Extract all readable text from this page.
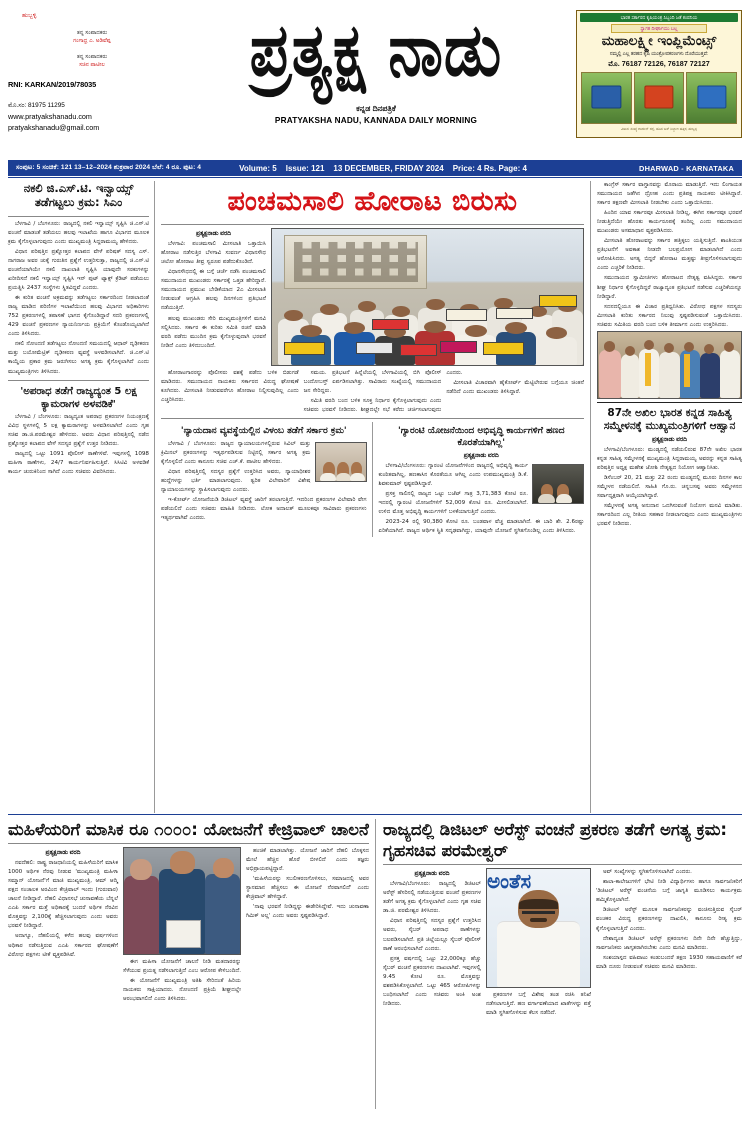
ಹುಬ್ಬಳ್ಳಿ
ತನ್ನ ಸಂಪಾದಕರು
ಗಂಗಾಧ್ರ ಎ. ಅಡಿವೆಪ್ಪ
ತನ್ನ ಸಂಪಾದಕರು
ಸಚಿನ ಪಾಟೀಲ
RNI: KARKAN/2019/78035
ಮೊ.ಸಂ: 81975 11295
www.pratyakshanadu.com
pratyakshanadu@gmail.com
ಪ್ರತ್ಯಕ್ಷ ನಾಡು
ಕನ್ನಡ ದಿನಪತ್ರಿಕೆ
PRATYAKSHA NADU, KANNADA DAILY MORNING
ಭಾರತ ಸರ್ಕಾರದ ಕೃಷಿಯಂತ್ರ ಸಿಬ್ಬಂದಿ ಜತೆ ಕಂಪನಿಯ
ಸ್ವಾಗತ ದೀರ್ಘಾಯು ಬಲ್ಲ
ಮಹಾಲಕ್ಷ್ಮೀ ಇಂಪ್ಲಿಮೆಂಟ್ಸ್
ನಮ್ಮಲ್ಲಿ ಎಲ್ಲ ತರಹದ ಕೃಷಿ ಯಂತ್ರೋಪಕರಣಗಳು ದೊರೆಯುತ್ತವೆ:
ಮೊ. 76187 72126, 76187 72127
ವಿಳಾಸ: ಸಂಖ್ಯೆ ಗಾರ್ಡನ್ ರಸ್ತೆ, ಹೊಸ ಬಸ್ ನಿಲ್ದಾಣ ಹತ್ತಿರ, ಹುಬ್ಬಳ್ಳಿ
ಸಂಪುಟ: 5 ಸಂಚಿಕೆ: 121 13–12–2024 ಶುಕ್ರವಾರ 2024 ಬೆಲೆ: 4 ರೂ. ಪುಟ: 4	Volume: 5 Issue: 121 13 DECEMBER, FRIDAY 2024 Price: 4 Rs. Page: 4	DHARWAD - KARNATAKA
ನಕಲಿ ಜಿ.ಎಸ್.ಟಿ. ಇನ್ವಾಯ್ಸ್ ತಡೆಗಟ್ಟಲು ಕ್ರಮ: ಸಿಎಂ

ಬೆಳಗಾವಿ / ಬೆಂಗಳೂರು: ರಾಜ್ಯದಲ್ಲಿ ನಕಲಿ ಇನ್ವಾಯ್ಸ್ ಸೃಷ್ಟಿಸಿ ಜಿ.ಎಸ್.ಟಿ ವಂಚನೆ ಮಾಡಂತೆ ತಡೆಯಲು ಹಲವು ಇಲಾಖೆಯ ಹಾಗೂ ವಿಭಾಗದ ಮೂಲಕ ಕ್ರಮ ಕೈಗೊಳ್ಳಲಾಗುವುದು ಎಂದು ಮುಖ್ಯಮಂತ್ರಿ ಸಿದ್ದರಾಮಯ್ಯ ಹೇಳಿದರು.

ವಿಧಾನ ಪರಿಷತ್ತಿನ ಪ್ರಶ್ನೋತ್ತರ ಕಲಾಪದ ವೇಳೆ ಪರಿಷತ್ ಸದಸ್ಯ ಎಸ್. ನಾಗರಾಜ ಅವರ ಚುಕ್ಕೆ ಗುರುತಿನ ಪ್ರಶ್ನೆಗೆ ಉತ್ತರಿಸುತ್ತಾ, ರಾಜ್ಯದಲ್ಲಿ ಜಿ.ಎಸ್.ಟಿ ವಂಚನೆಯಾಗಿಯೇ ನಕಲಿ ದಾಖಲಾತಿ ಸೃಷ್ಟಿಸಿ ಯಾವುದೇ ಸರಕುಗಳನ್ನು ಖರೀದಿಸದೆ ನಕಲಿ ಇನ್ವಾಯ್ಸ್ ಸೃಷ್ಟಿಸಿ ಇನ್ ಪುಟ್ ಟ್ಯಾಕ್ಸ್ ಕ್ರೆಡಿಟ್ ಪಡೆಯಲು ಪ್ರಯತ್ನಿಸಿ 2437 ಸಂಸ್ಥೆಗಳು ಸ್ಥಿತವಿದ್ದವೆ ಎಂದರು.

ಈ ಕುರಿತ ವಂಚನೆ ಅಕ್ರಮವನ್ನು ತಡೆಗಟ್ಟಲು ಸರ್ಕಾರದಿಂದ ನೀಡಲಾದಂತೆ ರಾಜ್ಯ ಮಾಡಿದ ಪರಿಣಿಗಳ ಇಲಾಖೆಯಿಂದ ಹಲವು ವಿಭಾಗದ ಅಧಿಕಾರಿಗಳು 752 ಪ್ರಕರಣಗಳಲ್ಲಿ ತಪಾಸಣೆ ಭಾಗದ ಕೈಗೊಂಡಿದ್ದಾರೆ ಸದರಿ ಪ್ರಕರಣಗಳಲ್ಲಿ 429 ವಂಚನೆ ಪ್ರಕರಣಗಳ ನ್ಯಾಯನಿರ್ಣಯ ಪ್ರಕ್ರಿಯೆಗೆ ಕೊಂಡೊಯ್ಯಲಾಗಿದೆ ಎಂದು ತಿಳಿಸಿದರು.

ನಕಲಿ ನೋಂದಣಿ ತಡೆಗಟ್ಟಲು ನೋಂದಣಿ ಸಮಯದಲ್ಲಿ ಆಧಾರ್ ದೃಢೀಕರಣ ಮತ್ತು ಬಯೋಮೆಟ್ರಿಕ್ ದೃಢೀಕರಣ ವ್ಯವಸ್ಥೆ ಅಳವಡಿಸಲಾಗಿದೆ. ಜಿ.ಎಸ್.ಟಿ ಕಾಯ್ದೆಯ ಪ್ರಕಾರ ಕ್ರಮ ಜರುಗಿಸಲು ಅಗತ್ಯ ಕ್ರಮ ಕೈಗೊಳ್ಳಲಾಗಿದೆ ಎಂದು ಮುಖ್ಯಮಂತ್ರಿಗಳು ತಿಳಿಸಿದರು.

'ಅಪರಾಧ ತಡೆಗೆ ರಾಜ್ಯದ್ಯಂತ 5 ಲಕ್ಷ ಕ್ಯಾಮರಾಗಳ ಅಳವಡಿಕೆ'

ಬೆಳಗಾವಿ / ಬೆಂಗಳೂರು: ರಾಜ್ಯದ್ಯಂತ ಅಪರಾಧ ಪ್ರಕರಣಗಳ ನಿಯಂತ್ರಣಕ್ಕೆ ವಿವಿಧ ಸ್ಥಳಗಳಲ್ಲಿ 5 ಲಕ್ಷ ಕ್ಯಾಮರಾಗಳನ್ನು ಅಳವಡಿಸಲಾಗಿದೆ ಎಂದು ಗೃಹ ಸಚಿವ ಡಾ.ಜಿ.ಪರಮೇಶ್ವರ ಹೇಳಿದರು. ಅವರು ವಿಧಾನ ಪರಿಷತ್ತಿನಲ್ಲಿ ನಡೆದ ಪ್ರಶ್ನೋತ್ತರ ಕಲಾಪದ ವೇಳೆ ಸದಸ್ಯರ ಪ್ರಶ್ನೆಗೆ ಉತ್ತರ ನೀಡಿದರು.

ರಾಜ್ಯದಲ್ಲಿ ಒಟ್ಟು 1091 ಪೊಲೀಸ್ ಠಾಣೆಗಳಿವೆ. ಇವುಗಳಲ್ಲಿ 1098 ಮಹಿಳಾ ಠಾಣೆಗಳು, 24/7 ಕಾರ್ಯನಿರ್ವಹಿಸುತ್ತಿವೆ. ಸಿಸಿಟಿವಿ ಅಳವಡಿಕೆ ಕಾರ್ಯ ಚುರುಕಿನಿಂದ ಸಾಗಿದೆ ಎಂದು ಸಚಿವರು ವಿವರಿಸಿದರು.

ಪಂಚಮಸಾಲಿ ಹೋರಾಟ ಬಿರುಸು
ಪ್ರತ್ಯಕ್ಷನಾಡು ವರದಿ

ಬೆಳಗಾವಿ: ಪಂಚಮಸಾಲಿ ಮೀಸಲಾತಿ ಒತ್ತಾಯಿಸಿ ಹೋರಾಟ ನಡೆಸುತ್ತಿರ ಬೆಳಗಾವಿ ಸುವರ್ಣ ವಿಧಾನಸೌಧ ಚಲೋ ಹೋರಾಟ ತೀವ್ರ ಸ್ವರೂಪ ಪಡೆದುಕೊಂಡಿದೆ.

ವಿಧಾನಸೌಧದಲ್ಲಿ ಈ ಬಗ್ಗೆ ಚರ್ಚೆ ನಡೆಸಿ ಪಂಚಮಸಾಲಿ ಸಮುದಾಯದ ಮುಖಂಡರು ಸರ್ಕಾರಕ್ಕೆ ಒತ್ತಡ ಹೇರಿದ್ದಾರೆ. ಸಮುದಾಯದ ಪ್ರಮುಖ ಬೇಡಿಕೆಯಾದ 2ಎ ಮೀಸಲಾತಿ ನೀಡುವಂತೆ ಆಗ್ರಹಿಸಿ ಹಲವು ದಿನಗಳಿಂದ ಪ್ರತಿಭಟನೆ ನಡೆಯುತ್ತಿದೆ.

ಹಲವು ಮುಖಂಡರು ಸೇರಿ ಮುಖ್ಯಮಂತ್ರಿಗಳಿಗೆ ಮನವಿ ಸಲ್ಲಿಸಿದರು. ಸರ್ಕಾರ ಈ ಕುರಿತು ಸಮಿತಿ ರಚನೆ ಮಾಡಿ ವರದಿ ಪಡೆದು ಮುಂದಿನ ಕ್ರಮ ಕೈಗೊಳ್ಳುವುದಾಗಿ ಭರವಸೆ ನೀಡಿದೆ ಎಂದು ತಿಳಿದುಬಂದಿದೆ.

ಹೋರಾಟಗಾರರನ್ನು ಪೊಲೀಸರು ವಶಕ್ಕೆ ಪಡೆದು ಬಳಿಕ ಬಿಡುಗಡೆ ಮಾಡಿದರು. ಸಮುದಾಯದ ನಾಯಕರು ಸರ್ಕಾರದ ವಿರುದ್ಧ ಘೋಷಣೆ ಕೂಗಿದರು. ಮೀಸಲಾತಿ ನೀಡುವವರೆಗೂ ಹೋರಾಟ ನಿಲ್ಲಿಸುವುದಿಲ್ಲ ಎಂದು ಎಚ್ಚರಿಸಿದರು.

ಸಮಯ. ಪ್ರತಿಭಟನೆ ಹಿನ್ನೆಲೆಯಲ್ಲಿ ಬೆಳಗಾವಿಯಲ್ಲಿ ಬಿಗಿ ಪೊಲೀಸ್ ಬಂದೋಬಸ್ತ್ ಏರ್ಪಡಿಸಲಾಗಿತ್ತು. ಸಾವಿರಾರು ಸಂಖ್ಯೆಯಲ್ಲಿ ಸಮುದಾಯದ ಜನ ಸೇರಿದ್ದರು.

ಸಮಿತಿ ವರದಿ ಬಂದ ಬಳಿಕ ಸೂಕ್ತ ನಿರ್ಧಾರ ಕೈಗೊಳ್ಳಲಾಗುವುದು ಎಂದು ಸಚಿವರು ಭರವಸೆ ನೀಡಿದರು. ಶೀಘ್ರದಲ್ಲೇ ಸಭೆ ಕರೆದು ಚರ್ಚಿಸಲಾಗುವುದು ಎಂದರು.

ಮೀಸಲಾತಿ ವಿಚಾರವಾಗಿ ಹೈಕೋರ್ಟ್ ಮೆಟ್ಟಿಲೇರುವ ಬಗ್ಗೆಯೂ ಚಿಂತನೆ ನಡೆದಿದೆ ಎಂದು ಮುಖಂಡರು ತಿಳಿಸಿದ್ದಾರೆ.

'ನ್ಯಾಯದಾನ ವ್ಯವಸ್ಥೆಯಲ್ಲಿನ ವಿಳಂಬ ತಡೆಗೆ ಸರ್ಕಾರ ಕ್ರಮ'

ಬೆಳಗಾವಿ / ಬೆಂಗಳೂರು: ರಾಜ್ಯದ ನ್ಯಾಯಾಲಯಗಳಲ್ಲಿರುವ ಸಿವಿಲ್ ಮತ್ತು ಕ್ರಿಮಿನಲ್ ಪ್ರಕರಣಗಳನ್ನು ಇತ್ಯರ್ಥಪಡಿಸುವ ನಿಟ್ಟಿನಲ್ಲಿ ಸರ್ಕಾರ ಅಗತ್ಯ ಕ್ರಮ ಕೈಗೊಳ್ಳಲಿದೆ ಎಂದು ಕಾನೂನು ಸಚಿವ ಎಚ್.ಕೆ. ಪಾಟೀಲ ಹೇಳಿದರು.

ವಿಧಾನ ಪರಿಷತ್ತಿನಲ್ಲಿ ಸದಸ್ಯರ ಪ್ರಶ್ನೆಗೆ ಉತ್ತರಿಸಿದ ಅವರು, ನ್ಯಾಯಾಧೀಶರ ಹುದ್ದೆಗಳನ್ನು ಭರ್ತಿ ಮಾಡಲಾಗುವುದು. ತ್ವರಿತ ವಿಲೇವಾರಿಗೆ ವಿಶೇಷ ನ್ಯಾಯಾಲಯಗಳನ್ನು ಸ್ಥಾಪಿಸಲಾಗುವುದು ಎಂದರು.

ಇ-ಕೋರ್ಟ್ ಯೋಜನೆಯಡಿ ಡಿಜಿಟಲ್ ವ್ಯವಸ್ಥೆ ಜಾರಿಗೆ ತರಲಾಗುತ್ತಿದೆ. ಇದರಿಂದ ಪ್ರಕರಣಗಳ ವಿಲೇವಾರಿ ವೇಗ ಪಡೆಯಲಿದೆ ಎಂದು ಸಚಿವರು ಮಾಹಿತಿ ನೀಡಿದರು. ಲೋಕ ಅದಾಲತ್ ಮೂಲಕವೂ ಸಾವಿರಾರು ಪ್ರಕರಣಗಳು ಇತ್ಯರ್ಥವಾಗಿವೆ ಎಂದರು.

'ಗ್ಯಾರಂಟಿ ಯೋಜನೆಯಿಂದ ಅಭಿವೃದ್ಧಿ ಕಾರ್ಯಗಳಿಗೆ ಹಣದ ಕೊರತೆಯಾಗಿಲ್ಲ'
ಪ್ರತ್ಯಕ್ಷನಾಡು ವರದಿ

ಬೆಳಗಾವಿ/ಬೆಂಗಳೂರು: ಗ್ಯಾರಂಟಿ ಯೋಜನೆಗಳಿಂದ ರಾಜ್ಯದಲ್ಲಿ ಅಭಿವೃದ್ಧಿ ಕಾರ್ಯ ಕುಂಠಿತವಾಗಿಲ್ಲ, ಹಣಕಾಸಿನ ಕೊರತೆಯೂ ಆಗಿಲ್ಲ ಎಂದು ಉಪಮುಖ್ಯಮಂತ್ರಿ ಡಿ.ಕೆ. ಶಿವಕುಮಾರ್ ಸ್ಪಷ್ಟಪಡಿಸಿದ್ದಾರೆ.

ಪ್ರಸಕ್ತ ಸಾಲಿನಲ್ಲಿ ರಾಜ್ಯದ ಒಟ್ಟು ಬಜೆಟ್ ಗಾತ್ರ 3,71,383 ಕೋಟಿ ರೂ. ಇದರಲ್ಲಿ ಗ್ಯಾರಂಟಿ ಯೋಜನೆಗಳಿಗೆ 52,009 ಕೋಟಿ ರೂ. ಮೀಸಲಿಡಲಾಗಿದೆ. ಉಳಿದ ಮೊತ್ತ ಅಭಿವೃದ್ಧಿ ಕಾರ್ಯಗಳಿಗೆ ಬಳಕೆಯಾಗುತ್ತಿದೆ ಎಂದರು.

2023-24 ರಲ್ಲಿ 90,380 ಕೋಟಿ ರೂ. ಬಂಡವಾಳ ವೆಚ್ಚ ಮಾಡಲಾಗಿದೆ. ಈ ಬಾರಿ ಶೇ. 2.6ರಷ್ಟು ಏರಿಕೆಯಾಗಿದೆ. ರಾಜ್ಯದ ಆರ್ಥಿಕ ಸ್ಥಿತಿ ಸದೃಢವಾಗಿದ್ದು, ಯಾವುದೇ ಯೋಜನೆ ಸ್ಥಗಿತಗೊಂಡಿಲ್ಲ ಎಂದು ತಿಳಿಸಿದರು.

ಕಾಂಗ್ರೆಸ್ ಸರ್ಕಾರ ವಾಗ್ದಾನವನ್ನು ಮೊರಾಯ ಮಾಡುತ್ತಿದೆ. ಇದು ಲಿಂಗಾಯತ ಸಮುದಾಯದ ಜತೆಗಿನ ದ್ರೋಹ ಎಂದು ಪ್ರತಿಪಕ್ಷ ನಾಯಕರು ಟೀಕಿಸಿದ್ದಾರೆ. ಸರ್ಕಾರ ತಕ್ಷಣವೇ ಮೀಸಲಾತಿ ನೀಡಬೇಕು ಎಂದು ಒತ್ತಾಯಿಸಿದರು.

ಹಿಂದಿನ ಯಾವ ಸರ್ಕಾರವೂ ಮೀಸಲಾತಿ ನೀಡಿಲ್ಲ, ಈಗಿನ ಸರ್ಕಾರವೂ ಭರವಸೆ ನೀಡುತ್ತಿದೆಯೇ ಹೊರತು ಕಾರ್ಯರೂಪಕ್ಕೆ ತಂದಿಲ್ಲ ಎಂದು ಸಮುದಾಯದ ಮುಖಂಡರು ಅಸಮಾಧಾನ ವ್ಯಕ್ತಪಡಿಸಿದರು.

ಮೀಸಲಾತಿ ಹೋರಾಟವನ್ನು ಸರ್ಕಾರ ಹತ್ತಿಕ್ಕಲು ಯತ್ನಿಸುತ್ತಿದೆ. ಶಾಂತಿಯುತ ಪ್ರತಿಭಟನೆಗೆ ಅವಕಾಶ ನೀಡದೇ ಬಲಪ್ರಯೋಗ ಮಾಡಲಾಗಿದೆ ಎಂದು ಆರೋಪಿಸಿದರು. ಅಗತ್ಯ ಬಿದ್ದರೆ ಹೋರಾಟ ಮತ್ತಷ್ಟು ತೀವ್ರಗೊಳಿಸಲಾಗುವುದು ಎಂದು ಎಚ್ಚರಿಕೆ ನೀಡಿದರು.

ಸಮುದಾಯದ ಸ್ವಾಮೀಜಿಗಳು ಹೋರಾಟದ ನೇತೃತ್ವ ವಹಿಸಿದ್ದರು. ಸರ್ಕಾರ ಶೀಘ್ರ ನಿರ್ಧಾರ ಕೈಗೊಳ್ಳದಿದ್ದರೆ ರಾಜ್ಯಾದ್ಯಂತ ಪ್ರತಿಭಟನೆ ನಡೆಸುವ ಎಚ್ಚರಿಕೆಯನ್ನೂ ನೀಡಿದ್ದಾರೆ.

ಸದನದಲ್ಲಿಯೂ ಈ ವಿಚಾರ ಪ್ರತಿಧ್ವನಿಸಿತು. ವಿರೋಧ ಪಕ್ಷಗಳ ಸದಸ್ಯರು ಮೀಸಲಾತಿ ಕುರಿತು ಸರ್ಕಾರದ ನಿಲುವು ಸ್ಪಷ್ಟಪಡಿಸುವಂತೆ ಒತ್ತಾಯಿಸಿದರು. ಸಚಿವರು ಸಮಿತಿಯ ವರದಿ ಬಂದ ಬಳಿಕ ತೀರ್ಮಾನ ಎಂದು ಉತ್ತರಿಸಿದರು.

87ನೇ ಅಖಿಲ ಭಾರತ ಕನ್ನಡ ಸಾಹಿತ್ಯ ಸಮ್ಮೇಳನಕ್ಕೆ ಮುಖ್ಯಮಂತ್ರಿಗಳಿಗೆ ಆಹ್ವಾನ
ಪ್ರತ್ಯಕ್ಷನಾಡು ವರದಿ

ಬೆಳಗಾವಿ/ಬೆಂಗಳೂರು: ಮಂಡ್ಯದಲ್ಲಿ ನಡೆಯಲಿರುವ 87ನೇ ಅಖಿಲ ಭಾರತ ಕನ್ನಡ ಸಾಹಿತ್ಯ ಸಮ್ಮೇಳನಕ್ಕೆ ಮುಖ್ಯಮಂತ್ರಿ ಸಿದ್ದರಾಮಯ್ಯ ಅವರನ್ನು ಕನ್ನಡ ಸಾಹಿತ್ಯ ಪರಿಷತ್ತಿನ ಅಧ್ಯಕ್ಷ ಮಹೇಶ ಜೋಶಿ ನೇತೃತ್ವದ ನಿಯೋಗ ಆಹ್ವಾನಿಸಿತು.

ಡಿಸೆಂಬರ್ 20, 21 ಮತ್ತು 22 ರಂದು ಮಂಡ್ಯದಲ್ಲಿ ಮೂರು ದಿನಗಳ ಕಾಲ ಸಮ್ಮೇಳನ ನಡೆಯಲಿದೆ. ಸಾಹಿತಿ ಗೊ.ರು. ಚನ್ನಬಸಪ್ಪ ಅವರು ಸಮ್ಮೇಳನದ ಸರ್ವಾಧ್ಯಕ್ಷರಾಗಿ ಆಯ್ಕೆಯಾಗಿದ್ದಾರೆ.

ಸಮ್ಮೇಳನಕ್ಕೆ ಅಗತ್ಯ ಅನುದಾನ ಒದಗಿಸುವಂತೆ ನಿಯೋಗ ಮನವಿ ಮಾಡಿತು. ಸರ್ಕಾರದಿಂದ ಎಲ್ಲ ರೀತಿಯ ಸಹಕಾರ ನೀಡಲಾಗುವುದು ಎಂದು ಮುಖ್ಯಮಂತ್ರಿಗಳು ಭರವಸೆ ನೀಡಿದರು.

ಮಹಿಳೆಯರಿಗೆ ಮಾಸಿಕ ರೂ ೧೦೦೦: ಯೋಜನೆಗೆ ಕೇಜ್ರಿವಾಲ್ ಚಾಲನೆ
ಪ್ರತ್ಯಕ್ಷನಾಡು ವರದಿ

ನವದೆಹಲಿ: ರಾಷ್ಟ್ರ ರಾಜಧಾನಿಯಲ್ಲಿ ಮಹಿಳೆಯರಿಗೆ ಮಾಸಿಕ 1000 ಅರ್ಥಿಕ ನೆರವು ನೀಡುವ 'ಮುಖ್ಯಮಂತ್ರಿ ಮಹಿಳಾ ಸಮ್ಮಾನ್ ಯೋಜನೆ'ಗೆ ಮಾಜಿ ಮುಖ್ಯಮಂತ್ರಿ, ಆಮ್ ಆದ್ಮಿ ಪಕ್ಷದ ಸಂಚಾಲಕ ಅರವಿಂದ ಕೇಜ್ರಿವಾಲ್ ಇಂದು (ಗುರುವಾರ) ಚಾಲನೆ ನೀಡಿದ್ದಾರೆ. ದೆಹಲಿ ವಿಧಾನಸಭೆ ಚುನಾವಣೆಯ ಬೆನ್ನಲೆ ಎಎಪಿ ಸರ್ಕಾರ ಮತ್ತೆ ಅಧಿಕಾರಕ್ಕೆ ಬಂದರೆ ಅರ್ಥಿಕ ನೆರವಿನ ಮೊತ್ತವನ್ನು 2,100ಕ್ಕೆ ಹೆಚ್ಚಿಸಲಾಗುವುದು ಎಂದು ಅವರು ಭರವಸೆ ನೀಡಿದ್ದಾರೆ.

ಅದಾಗ್ಯೂ, ದೆಹಲಿಯಲ್ಲಿ ಕಳೆದ ಹಲವು ವರ್ಷಗಳಿಂದ ಅಧಿಕಾರ ನಡೆಸುತ್ತಿರುವ ಎಎಪಿ ಸರ್ಕಾರದ ಘೋಷಣೆಗೆ ವಿರೋಧ ಪಕ್ಷಗಳು ಟೀಕೆ ವ್ಯಕ್ತಪಡಿಸಿವೆ.

ಈಗ ಮಹಿಳಾ ಯೋಜನೆಗೆ ಚಾಲನೆ ನೀಡಿ ಮತದಾರರನ್ನು ಸೆಳೆಯುವ ಪ್ರಯತ್ನ ನಡೆಸಲಾಗುತ್ತಿದೆ ಎಂಬ ಆರೋಪ ಕೇಳಿಬಂದಿದೆ.

ಈ ಯೋಜನೆಗೆ ಮುಖ್ಯಮಂತ್ರಿ ಅತಿಶಿ ಸೇರಿದಂತೆ ಹಿರಿಯ ನಾಯಕರು ಸಾಕ್ಷಿಯಾದರು. ನೋಂದಣಿ ಪ್ರಕ್ರಿಯೆ ಶೀಘ್ರದಲ್ಲೇ ಆರಂಭವಾಗಲಿದೆ ಎಂದು ತಿಳಿಸಿದರು.

ಹಂಚಿಕೆ ಮಾಡಲಾಗಿತ್ತು. ಯೋಜನೆ ಜಾರಿಗೆ ದೆಹಲಿ ಬೊಕ್ಕಸದ ಮೇಲೆ ಹೆಚ್ಚಿನ ಹೊರೆ ಬೀಳಲಿದೆ ಎಂದು ತಜ್ಞರು ಅಭಿಪ್ರಾಯಪಟ್ಟಿದ್ದಾರೆ.

'ಮಹಿಳೆಯರನ್ನು ಸಬಲೀಕರಣಗೊಳಿಸಲು, ಸಮಾಜದಲ್ಲಿ ಅವರ ಸ್ಥಾನಮಾನ ಹೆಚ್ಚಿಸಲು ಈ ಯೋಜನೆ ನೆರವಾಗಲಿದೆ' ಎಂದು ಕೇಜ್ರಿವಾಲ್ ಹೇಳಿದ್ದಾರೆ.

'ನಾವು ಭರವಸೆ ನೀಡಿದ್ದನ್ನು ಈಡೇರಿಸಿದ್ದೇವೆ. ಇದು ಚುನಾವಣಾ ಗಿಮಿಕ್ ಅಲ್ಲ' ಎಂದು ಅವರು ಸ್ಪಷ್ಟಪಡಿಸಿದ್ದಾರೆ.

ರಾಜ್ಯದಲ್ಲಿ ಡಿಜಿಟಲ್ ಅರೆಸ್ಟ್ ವಂಚನೆ ಪ್ರಕರಣ ತಡೆಗೆ ಅಗತ್ಯ ಕ್ರಮ: ಗೃಹಸಚಿವ ಪರಮೇಶ್ವರ್
ಪ್ರತ್ಯಕ್ಷನಾಡು ವರದಿ

ಬೆಳಗಾವಿ/ಬೆಂಗಳೂರು: ರಾಜ್ಯದಲ್ಲಿ ಡಿಜಿಟಲ್ ಅರೆಸ್ಟ್ ಹೆಸರಿನಲ್ಲಿ ನಡೆಯುತ್ತಿರುವ ವಂಚನೆ ಪ್ರಕರಣಗಳ ತಡೆಗೆ ಅಗತ್ಯ ಕ್ರಮ ಕೈಗೊಳ್ಳಲಾಗಿದೆ ಎಂದು ಗೃಹ ಸಚಿವ ಡಾ.ಜಿ. ಪರಮೇಶ್ವರ ತಿಳಿಸಿದರು.

ವಿಧಾನ ಪರಿಷತ್ತಿನಲ್ಲಿ ಸದಸ್ಯರ ಪ್ರಶ್ನೆಗೆ ಉತ್ತರಿಸಿದ ಅವರು, ಸೈಬರ್ ಅಪರಾಧ ಠಾಣೆಗಳನ್ನು ಬಲಪಡಿಸಲಾಗಿದೆ. ಪ್ರತಿ ಜಿಲ್ಲೆಯಲ್ಲೂ ಸೈಬರ್ ಪೊಲೀಸ್ ಠಾಣೆ ಆರಂಭಿಸಲಾಗಿದೆ ಎಂದರು.

ಪ್ರಸಕ್ತ ವರ್ಷದಲ್ಲಿ ಒಟ್ಟು 22,000ಕ್ಕೂ ಹೆಚ್ಚು ಸೈಬರ್ ವಂಚನೆ ಪ್ರಕರಣಗಳು ದಾಖಲಾಗಿವೆ. ಇವುಗಳಲ್ಲಿ 9.45 ಕೋಟಿ ರೂ. ಮೊತ್ತವನ್ನು ವಶಪಡಿಸಿಕೊಳ್ಳಲಾಗಿದೆ. ಒಟ್ಟು 465 ಆರೋಪಿಗಳನ್ನು ಬಂಧಿಸಲಾಗಿದೆ ಎಂದು ಸಚಿವರು ಅಂಕಿ ಅಂಶ ನೀಡಿದರು.

ಅಂತೆಸ

ಪ್ರಕರಣಗಳ ಬಗ್ಗೆ ವಿಶೇಷ ತಂಡ ರಚಿಸಿ ತನಿಖೆ ನಡೆಸಲಾಗುತ್ತಿದೆ. ಹಣ ವರ್ಗಾವಣೆಯಾದ ಖಾತೆಗಳನ್ನು ಪತ್ತೆ ಮಾಡಿ ಸ್ಥಗಿತಗೊಳಿಸುವ ಕೆಲಸ ನಡೆದಿದೆ.

ಅವ್ ಸಂಖ್ಯೆಗಳನ್ನು ಸ್ಥಗಿತಗೊಳಿಸಲಾಗಿದೆ ಎಂದರು.

ಶಾಲಾ-ಕಾಲೇಜುಗಳಿಗೆ ಭೇಟಿ ನೀಡಿ ವಿದ್ಯಾರ್ಥಿಗಳು ಹಾಗೂ ಸಾರ್ವಜನಿಕರಿಗೆ 'ಡಿಜಿಟಲ್ ಅರೆಸ್ಟ್ ವಂಚನೆಯ ಬಗ್ಗೆ ಜಾಗೃತಿ ಮೂಡಿಸಲು ಕಾರ್ಯಕ್ರಮ ಹಮ್ಮಿಕೊಳ್ಳಲಾಗಿದೆ.

ಡಿಜಿಟಲ್ ಅರೆಸ್ಟ್ ಮೂಲಕ ಸಾರ್ವಜನಿಕರನ್ನು ವಂಚಿಸುತ್ತಿರುವ ಸೈಬರ್ ವಂಚಕರ ವಿರುದ್ಧ ಪ್ರಕರಣಗಳನ್ನು ದಾಖಲಿಸಿ, ಕಾನೂನು ರೀತ್ಯ ಕ್ರಮ ಕೈಗೊಳ್ಳಲಾಗುತ್ತಿದೆ ಎಂದರು.

ದೇಶಾದ್ಯಂತ ಡಿಜಿಟಲ್ ಅರೆಸ್ಟ್ ಪ್ರಕರಣಗಳು ದಿನೇ ದಿನೇ ಹೆಚ್ಚುತ್ತಿದ್ದು, ಸಾರ್ವಜನಿಕರು ಜಾಗೃತರಾಗಿರಬೇಕು ಎಂದು ಮನವಿ ಮಾಡಿದರು.

ಸಂಶಯಾಸ್ಪದ ವಹಿವಾಟು ಕಂಡುಬಂದರೆ ತಕ್ಷಣ 1930 ಸಹಾಯವಾಣಿಗೆ ಕರೆ ಮಾಡಿ ದೂರು ನೀಡುವಂತೆ ಸಚಿವರು ಮನವಿ ಮಾಡಿದರು.
